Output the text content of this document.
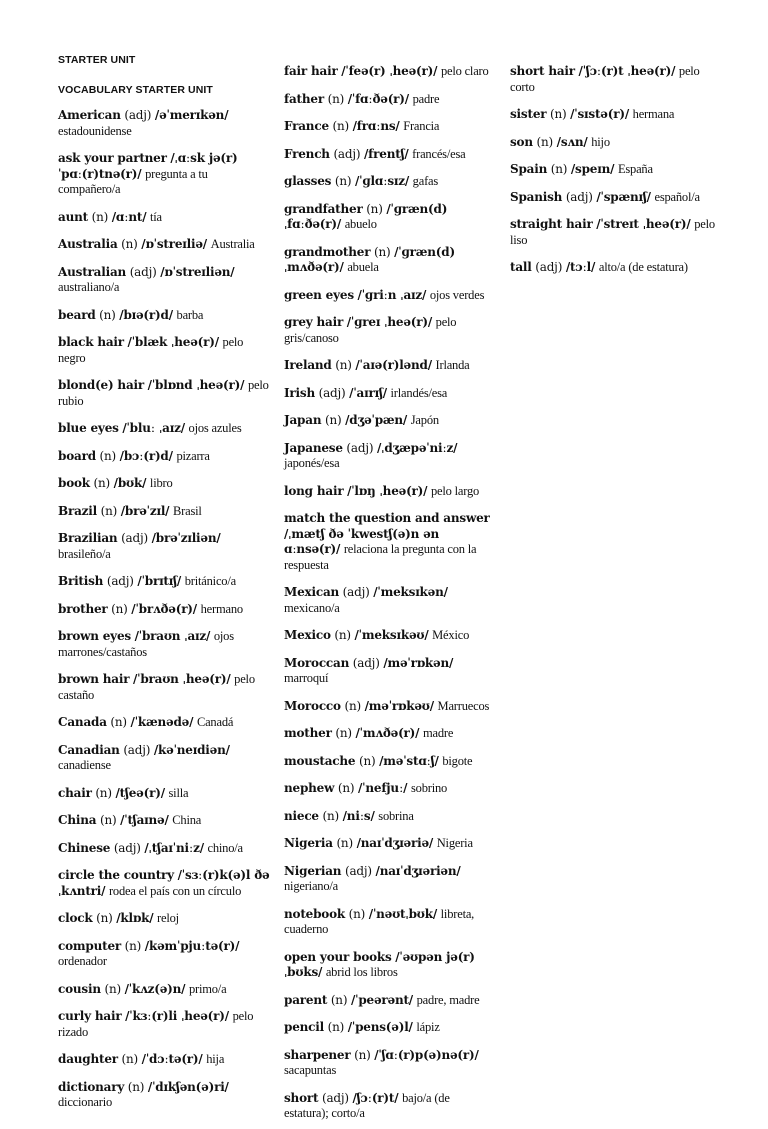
STARTER UNIT

VOCABULARY STARTER UNIT

American (adj) /əˈmerɪkən/ estadounidense

ask your partner /ˌɑːsk jə(r) ˈpɑː(r)tnə(r)/ pregunta a tu compañero/a

aunt (n) /ɑːnt/ tía

Australia (n) /ɒˈstreɪliə/ Australia

Australian (adj) /ɒˈstreɪliən/ australiano/a

beard (n) /bɪə(r)d/ barba

black hair /ˈblæk ˌheə(r)/ pelo negro

blond(e) hair /ˈblɒnd ˌheə(r)/ pelo rubio

blue eyes /ˈbluː ˌaɪz/ ojos azules

board (n) /bɔː(r)d/ pizarra

book (n) /bʊk/ libro

Brazil (n) /brəˈzɪl/ Brasil

Brazilian (adj) /brəˈzɪliən/ brasileño/a

British (adj) /ˈbrɪtɪʃ/ británico/a

brother (n) /ˈbrʌðə(r)/ hermano

brown eyes /ˈbraʊn ˌaɪz/ ojos marrones/castaños

brown hair /ˈbraʊn ˌheə(r)/ pelo castaño

Canada (n) /ˈkænədə/ Canadá

Canadian (adj) /kəˈneɪdiən/ canadiense

chair (n) /tʃeə(r)/ silla

China (n) /ˈtʃaɪnə/ China

Chinese (adj) /ˌtʃaɪˈniːz/ chino/a

circle the country /ˈsɜː(r)k(ə)l ðə ˌkʌntri/ rodea el país con un círculo

clock (n) /klɒk/ reloj

computer (n) /kəmˈpjuːtə(r)/ ordenador

cousin (n) /ˈkʌz(ə)n/ primo/a

curly hair /ˈkɜː(r)li ˌheə(r)/ pelo rizado

daughter (n) /ˈdɔːtə(r)/ hija

dictionary (n) /ˈdɪkʃən(ə)ri/ diccionario

fair hair /ˈfeə(r) ˌheə(r)/ pelo claro

father (n) /ˈfɑːðə(r)/ padre

France (n) /frɑːns/ Francia

French (adj) /frentʃ/ francés/esa

glasses (n) /ˈɡlɑːsɪz/ gafas

grandfather (n) /ˈɡræn(d) ˌfɑːðə(r)/ abuelo

grandmother (n) /ˈɡræn(d) ˌmʌðə(r)/ abuela

green eyes /ˈɡriːn ˌaɪz/ ojos verdes

grey hair /ˈɡreɪ ˌheə(r)/ pelo gris/canoso

Ireland (n) /ˈaɪə(r)lənd/ Irlanda

Irish (adj) /ˈaɪrɪʃ/ irlandés/esa

Japan (n) /dʒəˈpæn/ Japón

Japanese (adj) /ˌdʒæpəˈniːz/ japonés/esa

long hair /ˈlɒŋ ˌheə(r)/ pelo largo

match the question and answer /ˌmætʃ ðə ˈkwestʃ(ə)n ən ɑːnsə(r)/ relaciona la pregunta con la respuesta

Mexican (adj) /ˈmeksɪkən/ mexicano/a

Mexico (n) /ˈmeksɪkəʊ/ México

Moroccan (adj) /məˈrɒkən/ marroquí

Morocco (n) /məˈrɒkəʊ/ Marruecos

mother (n) /ˈmʌðə(r)/ madre

moustache (n) /məˈstɑːʃ/ bigote

nephew (n) /ˈnefjuː/ sobrino

niece (n) /niːs/ sobrina

Nigeria (n) /naɪˈdʒɪəriə/ Nigeria

Nigerian (adj) /naɪˈdʒɪəriən/ nigeriano/a

notebook (n) /ˈnəʊtˌbʊk/ libreta, cuaderno

open your books /ˈəʊpən jə(r) ˌbʊks/ abrid los libros

parent (n) /ˈpeərənt/ padre, madre

pencil (n) /ˈpens(ə)l/ lápiz

sharpener (n) /ˈʃɑː(r)p(ə)nə(r)/ sacapuntas

short (adj) /ʃɔː(r)t/ bajo/a (de estatura); corto/a

short hair /ˈʃɔː(r)t ˌheə(r)/ pelo corto

sister (n) /ˈsɪstə(r)/ hermana

son (n) /sʌn/ hijo

Spain (n) /speɪn/ España

Spanish (adj) /ˈspænɪʃ/ español/a

straight hair /ˈstreɪt ˌheə(r)/ pelo liso

tall (adj) /tɔːl/ alto/a (de estatura)
